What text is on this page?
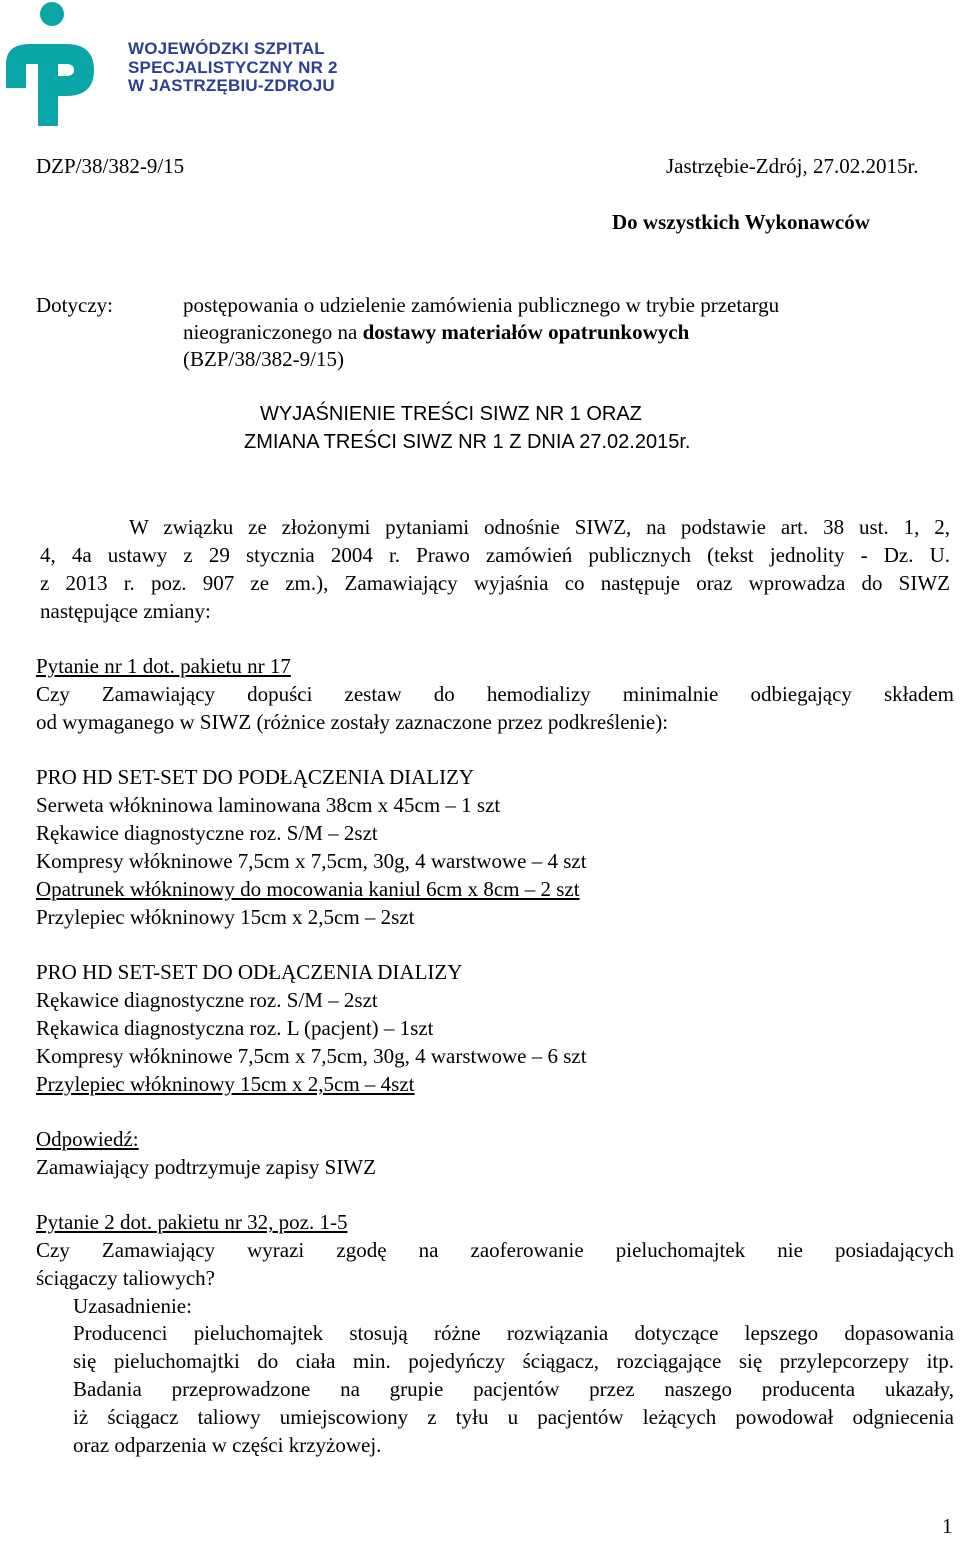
WOJEWÓDZKI SZPITAL
SPECJALISTYCZNY NR 2
W JASTRZĘBIU-ZDROJU
DZP/38/382-9/15	Jastrzębie-Zdrój, 27.02.2015r.
Do wszystkich Wykonawców
Dotyczy:	postępowania o udzielenie zamówienia publicznego w trybie przetargu
nieograniczonego na dostawy materiałów opatrunkowych
(BZP/38/382-9/15)
WYJAŚNIENIE TREŚCI SIWZ NR 1 ORAZ
ZMIANA TREŚCI SIWZ NR 1 Z DNIA 27.02.2015r.
W związku ze złożonymi pytaniami odnośnie SIWZ, na podstawie art. 38 ust. 1, 2,
4, 4a ustawy z 29 stycznia 2004 r. Prawo zamówień publicznych (tekst jednolity - Dz. U.
z 2013 r. poz. 907 ze zm.), Zamawiający wyjaśnia co następuje oraz wprowadza do SIWZ
następujące zmiany:
Pytanie nr 1 dot. pakietu nr 17
Czy Zamawiający dopuści zestaw do hemodializy minimalnie odbiegający składem
od wymaganego w SIWZ (różnice zostały zaznaczone przez podkreślenie):
PRO HD SET-SET DO PODŁĄCZENIA DIALIZY
Serweta włókninowa laminowana 38cm x 45cm – 1 szt
Rękawice diagnostyczne roz. S/M – 2szt
Kompresy włókninowe 7,5cm x 7,5cm, 30g, 4 warstwowe – 4 szt
Opatrunek włókninowy do mocowania kaniul 6cm x 8cm – 2 szt
Przylepiec włókninowy 15cm x 2,5cm – 2szt
PRO HD SET-SET DO ODŁĄCZENIA DIALIZY
Rękawice diagnostyczne roz. S/M – 2szt
Rękawica diagnostyczna roz. L (pacjent) – 1szt
Kompresy włókninowe 7,5cm x 7,5cm, 30g, 4 warstwowe – 6 szt
Przylepiec włókninowy 15cm x 2,5cm – 4szt
Odpowiedź:
Zamawiający podtrzymuje zapisy SIWZ
Pytanie 2 dot. pakietu nr 32, poz. 1-5
Czy Zamawiający wyrazi zgodę na zaoferowanie pieluchomajtek nie posiadających
ściągaczy taliowych?
Uzasadnienie:
Producenci pieluchomajtek stosują różne rozwiązania dotyczące lepszego dopasowania
się pieluchomajtki do ciała min. pojedyńczy ściągacz, rozciągające się przylepcorzepy itp.
Badania przeprowadzone na grupie pacjentów przez naszego producenta ukazały,
iż ściągacz taliowy umiejscowiony z tyłu u pacjentów leżących powodował odgniecenia
oraz odparzenia w części krzyżowej.
1
